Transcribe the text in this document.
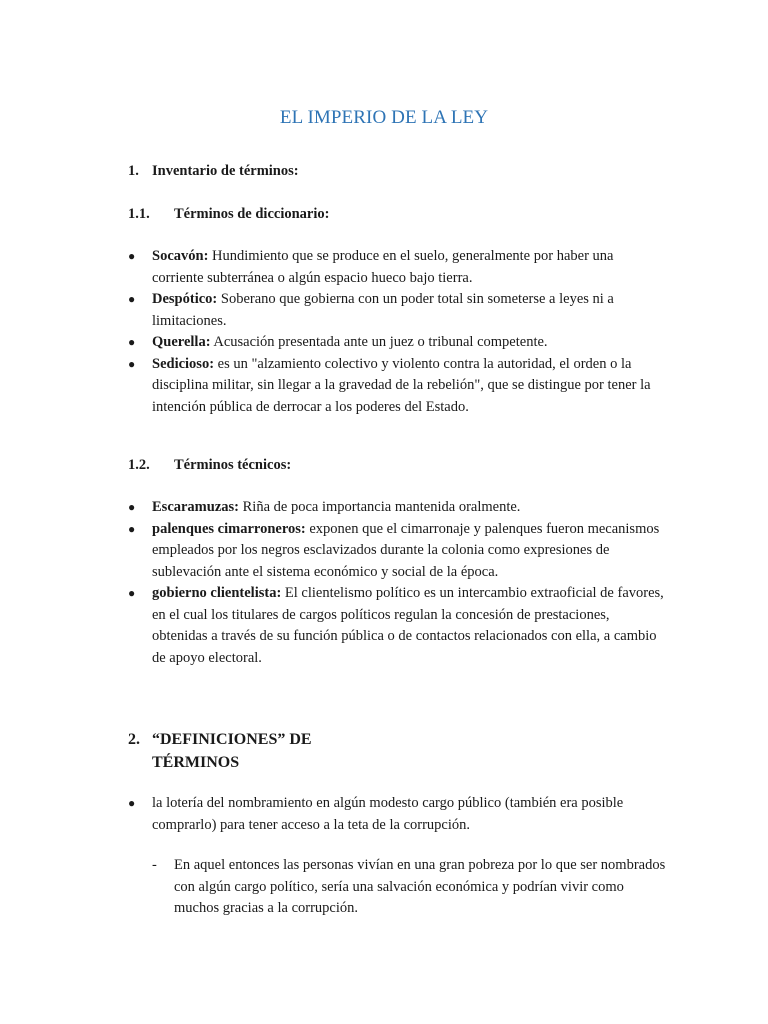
EL IMPERIO DE LA LEY
1. Inventario de términos:
1.1. Términos de diccionario:
●	Socavón: Hundimiento que se produce en el suelo, generalmente por haber una corriente subterránea o algún espacio hueco bajo tierra.
●	Despótico: Soberano que gobierna con un poder total sin someterse a leyes ni a limitaciones.
●	Querella: Acusación presentada ante un juez o tribunal competente.
●	Sedicioso: es un "alzamiento colectivo y violento contra la autoridad, el orden o la disciplina militar, sin llegar a la gravedad de la rebelión", que se distingue por tener la intención pública de derrocar a los poderes del Estado.
1.2. Términos técnicos:
●	Escaramuzas: Riña de poca importancia mantenida oralmente.
●	palenques cimarroneros: exponen que el cimarronaje y palenques fueron mecanismos empleados por los negros esclavizados durante la colonia como expresiones de sublevación ante el sistema económico y social de la época.
●	gobierno clientelista: El clientelismo político es un intercambio extraoficial de favores, en el cual los titulares de cargos políticos regulan la concesión de prestaciones, obtenidas a través de su función pública o de contactos relacionados con ella, a cambio de apoyo electoral.
2. “DEFINICIONES” DE TÉRMINOS
●	la lotería del nombramiento en algún modesto cargo público (también era posible comprarlo) para tener acceso a la teta de la corrupción.
-	En aquel entonces las personas vivían en una gran pobreza por lo que ser nombrados con algún cargo político, sería una salvación económica y podrían vivir como muchos gracias a la corrupción.
